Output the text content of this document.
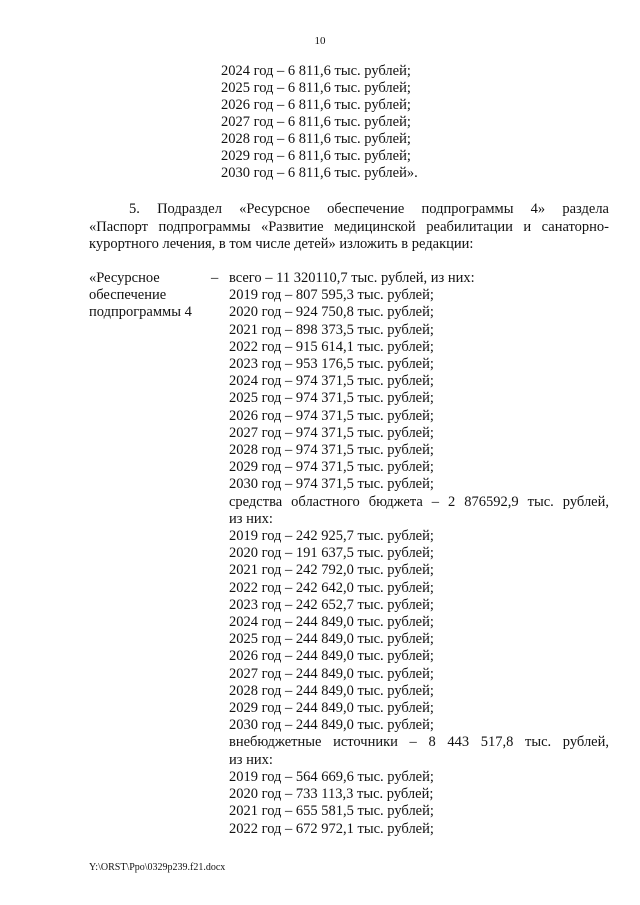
10
2024 год – 6 811,6 тыс. рублей;
2025 год – 6 811,6 тыс. рублей;
2026 год – 6 811,6 тыс. рублей;
2027 год – 6 811,6 тыс. рублей;
2028 год – 6 811,6 тыс. рублей;
2029 год – 6 811,6 тыс. рублей;
2030 год – 6 811,6 тыс. рублей».
5. Подраздел «Ресурсное обеспечение подпрограммы 4» раздела
«Паспорт подпрограммы «Развитие медицинской реабилитации и санаторно-
курортного лечения, в том числе детей» изложить в редакции:
«Ресурсное
обеспечение
подпрограммы 4
– всего – 11 320110,7 тыс. рублей, из них:
2019 год – 807 595,3 тыс. рублей;
2020 год – 924 750,8 тыс. рублей;
2021 год – 898 373,5 тыс. рублей;
2022 год – 915 614,1 тыс. рублей;
2023 год – 953 176,5 тыс. рублей;
2024 год – 974 371,5 тыс. рублей;
2025 год – 974 371,5 тыс. рублей;
2026 год – 974 371,5 тыс. рублей;
2027 год – 974 371,5 тыс. рублей;
2028 год – 974 371,5 тыс. рублей;
2029 год – 974 371,5 тыс. рублей;
2030 год – 974 371,5 тыс. рублей;
средства областного бюджета – 2 876592,9 тыс. рублей,
из них:
2019 год – 242 925,7 тыс. рублей;
2020 год – 191 637,5 тыс. рублей;
2021 год – 242 792,0 тыс. рублей;
2022 год – 242 642,0 тыс. рублей;
2023 год – 242 652,7 тыс. рублей;
2024 год – 244 849,0 тыс. рублей;
2025 год – 244 849,0 тыс. рублей;
2026 год – 244 849,0 тыс. рублей;
2027 год – 244 849,0 тыс. рублей;
2028 год – 244 849,0 тыс. рублей;
2029 год – 244 849,0 тыс. рублей;
2030 год – 244 849,0 тыс. рублей;
внебюджетные источники – 8 443 517,8 тыс. рублей,
из них:
2019 год – 564 669,6 тыс. рублей;
2020 год – 733 113,3 тыс. рублей;
2021 год – 655 581,5 тыс. рублей;
2022 год – 672 972,1 тыс. рублей;
Y:\ORST\Ppo\0329p239.f21.docx
